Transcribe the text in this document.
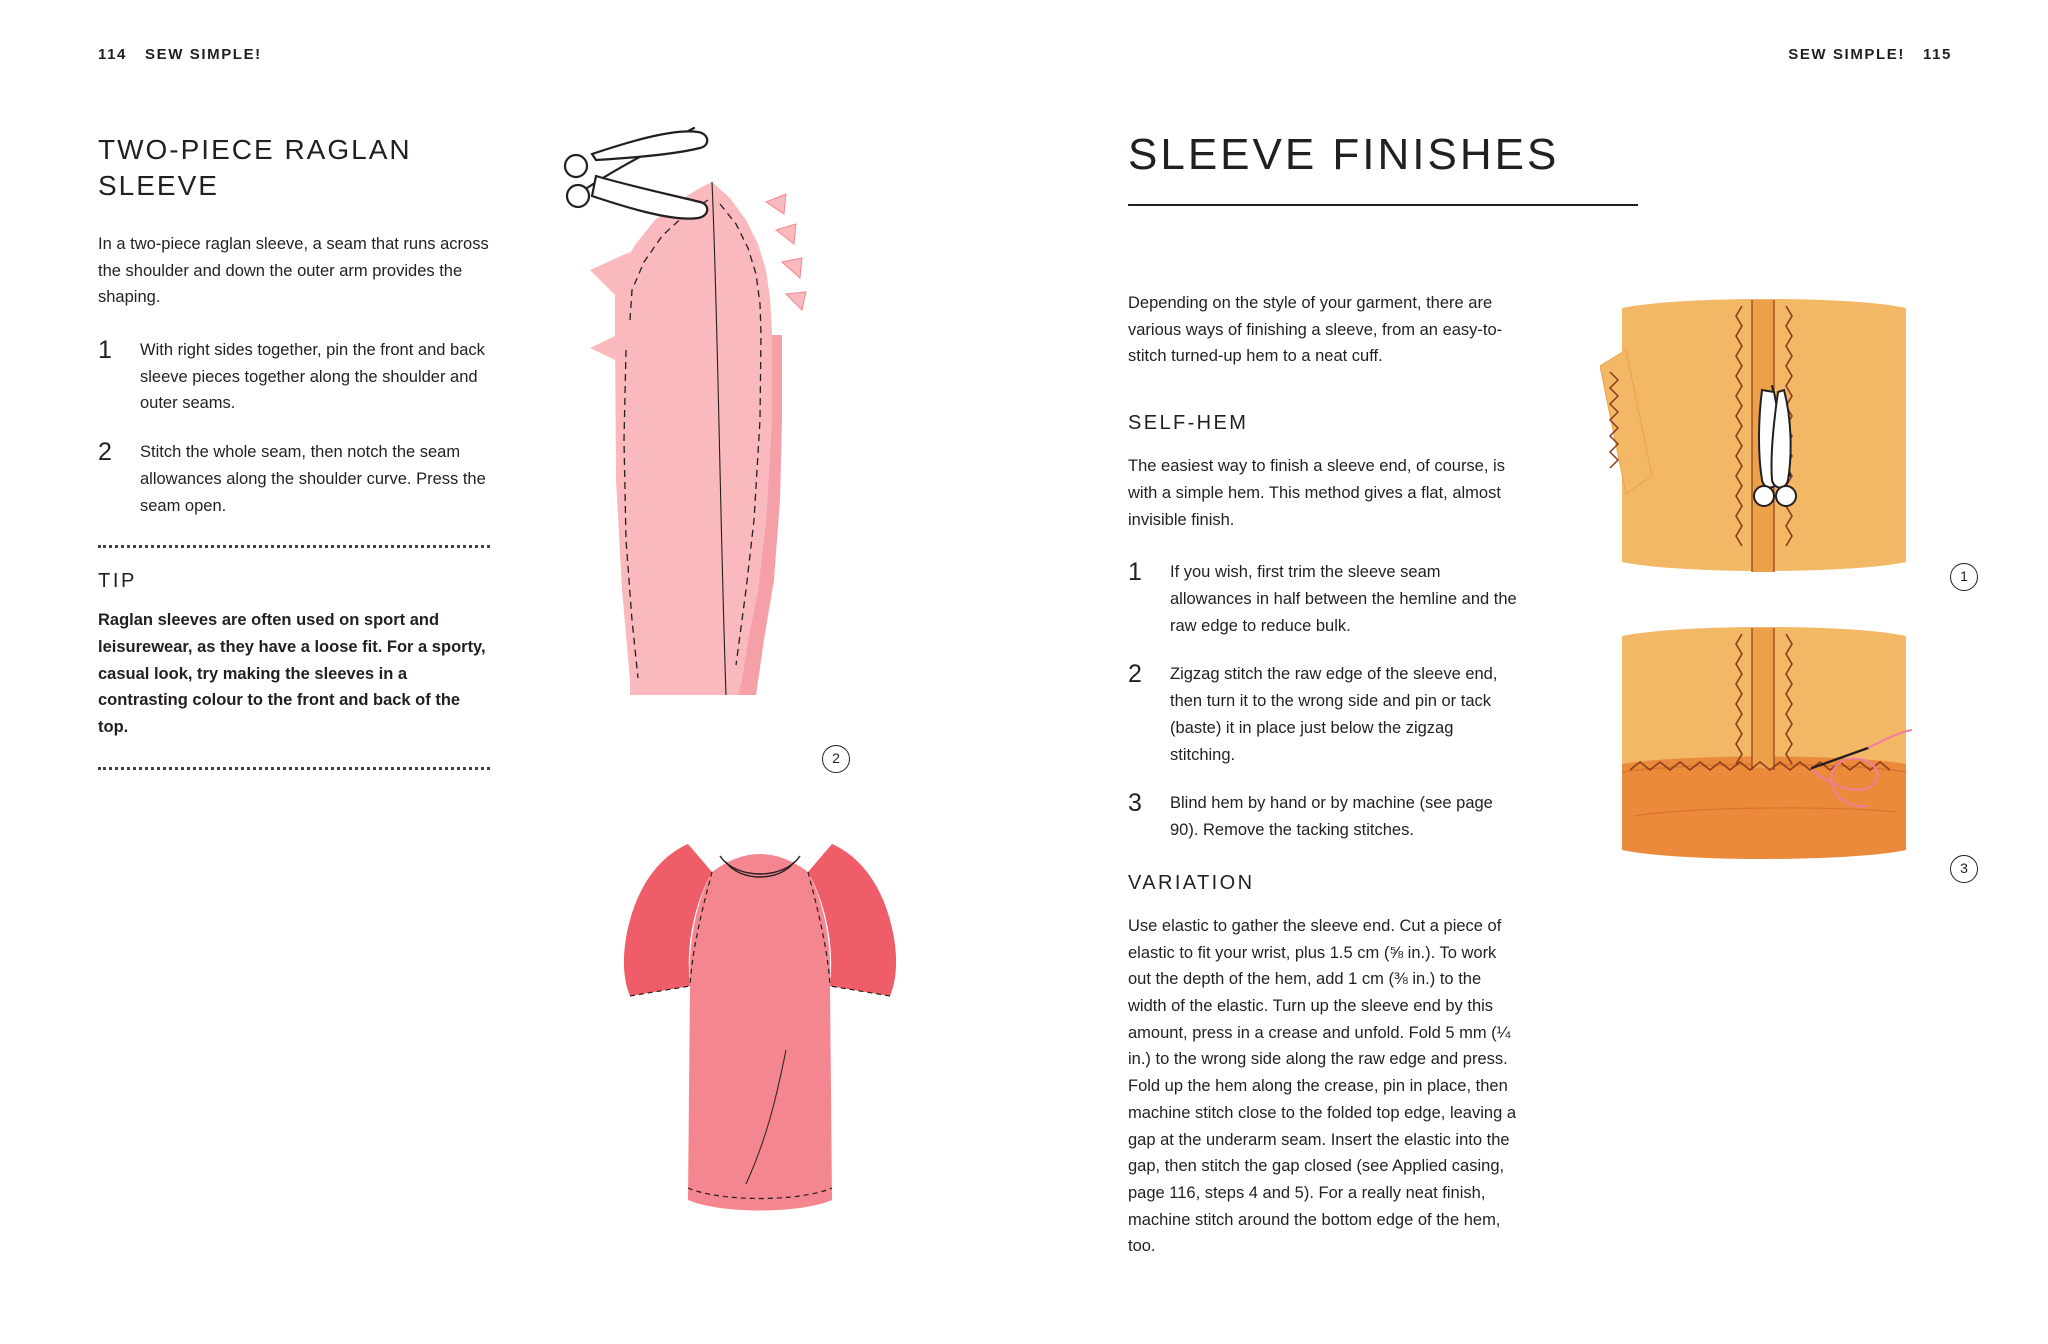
114 SEW SIMPLE!	SEW SIMPLE! 115
TWO-PIECE RAGLAN SLEEVE

In a two-piece raglan sleeve, a seam that runs across the shoulder and down the outer arm provides the shaping.

1	With right sides together, pin the front and back sleeve pieces together along the shoulder and outer seams.
2	Stitch the whole seam, then notch the seam allowances along the shoulder curve. Press the seam open.
TIP

Raglan sleeves are often used on sport and leisurewear, as they have a loose fit. For a sporty, casual look, try making the sleeves in a contrasting colour to the front and back of the top.

2
SLEEVE FINISHES

Depending on the style of your garment, there are various ways of finishing a sleeve, from an easy-to-stitch turned-up hem to a neat cuff.

SELF-HEM

The easiest way to finish a sleeve end, of course, is with a simple hem. This method gives a flat, almost invisible finish.

1	If you wish, first trim the sleeve seam allowances in half between the hemline and the raw edge to reduce bulk.
2	Zigzag stitch the raw edge of the sleeve end, then turn it to the wrong side and pin or tack (baste) it in place just below the zigzag stitching.
3	Blind hem by hand or by machine (see page 90). Remove the tacking stitches.
VARIATION

Use elastic to gather the sleeve end. Cut a piece of elastic to fit your wrist, plus 1.5 cm (⅝ in.). To work out the depth of the hem, add 1 cm (⅜ in.) to the width of the elastic. Turn up the sleeve end by this amount, press in a crease and unfold. Fold 5 mm (¼ in.) to the wrong side along the raw edge and press. Fold up the hem along the crease, pin in place, then machine stitch close to the folded top edge, leaving a gap at the underarm seam. Insert the elastic into the gap, then stitch the gap closed (see Applied casing, page 116, steps 4 and 5). For a really neat finish, machine stitch around the bottom edge of the hem, too.

1
3
